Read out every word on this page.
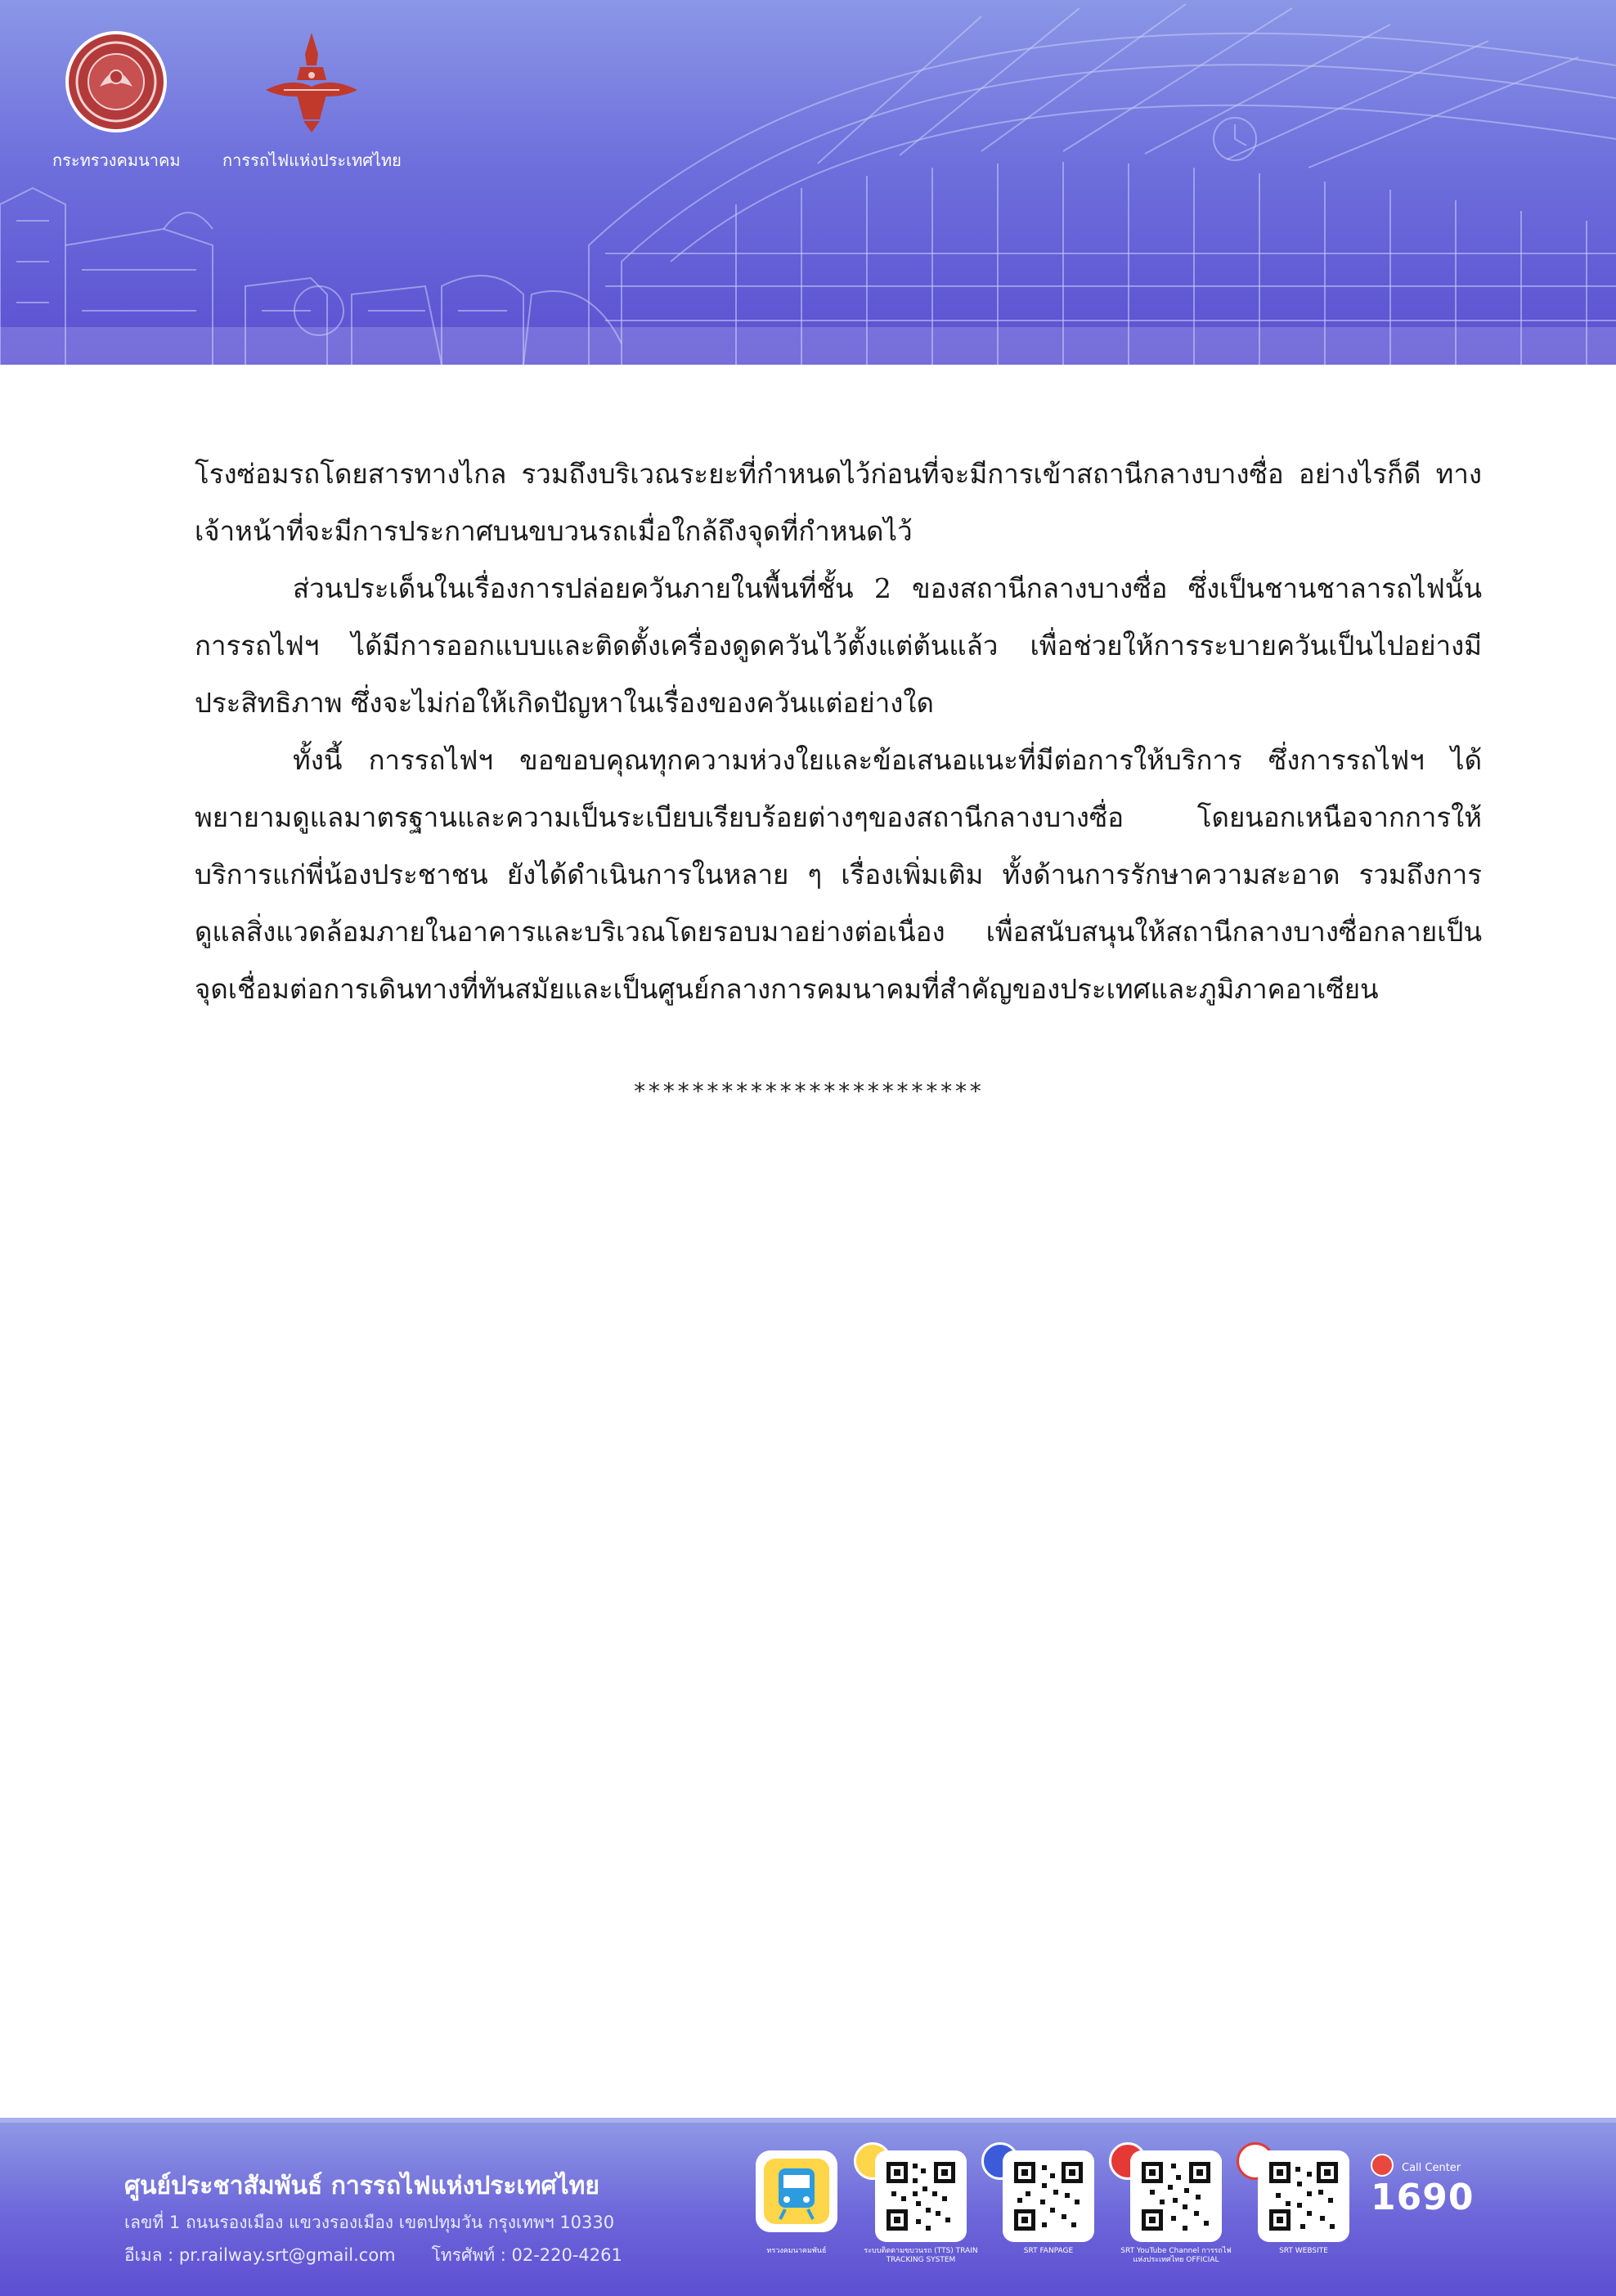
กระทรวงคมนาคม	การรถไฟแห่งประเทศไทย

โรงซ่อมรถโดยสารทางไกล รวมถึงบริเวณระยะที่กำหนดไว้ก่อนที่จะมีการเข้าสถานีกลางบางซื่อ อย่างไรก็ดี ทางเจ้าหน้าที่จะมีการประกาศบนขบวนรถเมื่อใกล้ถึงจุดที่กำหนดไว้

ส่วนประเด็นในเรื่องการปล่อยควันภายในพื้นที่ชั้น 2 ของสถานีกลางบางซื่อ ซึ่งเป็นชานชาลารถไฟนั้น การรถไฟฯ ได้มีการออกแบบและติดตั้งเครื่องดูดควันไว้ตั้งแต่ต้นแล้ว เพื่อช่วยให้การระบายควันเป็นไปอย่างมีประสิทธิภาพ ซึ่งจะไม่ก่อให้เกิดปัญหาในเรื่องของควันแต่อย่างใด

ทั้งนี้ การรถไฟฯ ขอขอบคุณทุกความห่วงใยและข้อเสนอแนะที่มีต่อการให้บริการ ซึ่งการรถไฟฯ ได้พยายามดูแลมาตรฐานและความเป็นระเบียบเรียบร้อยต่างๆของสถานีกลางบางซื่อ โดยนอกเหนือจากการให้บริการแก่พี่น้องประชาชน ยังได้ดำเนินการในหลาย ๆ เรื่องเพิ่มเติม ทั้งด้านการรักษาความสะอาด รวมถึงการดูแลสิ่งแวดล้อมภายในอาคารและบริเวณโดยรอบมาอย่างต่อเนื่อง เพื่อสนับสนุนให้สถานีกลางบางซื่อกลายเป็นจุดเชื่อมต่อการเดินทางที่ทันสมัยและเป็นศูนย์กลางการคมนาคมที่สำคัญของประเทศและภูมิภาคอาเซียน

************************
ศูนย์ประชาสัมพันธ์ การรถไฟแห่งประเทศไทย
เลขที่ 1 ถนนรองเมือง แขวงรองเมือง เขตปทุมวัน กรุงเทพฯ 10330
อีเมล : pr.railway.srt@gmail.com โทรศัพท์ : 02-220-4261	ทรวงคมนาคมพันธ์	ระบบติดตามขบวนรถ (TTS) TRAIN TRACKING SYSTEM
SRT FANPAGE	SRT YouTube Channel การรถไฟแห่งประเทศไทย OFFICIAL
SRT WEBSITE
Call Center
1690
